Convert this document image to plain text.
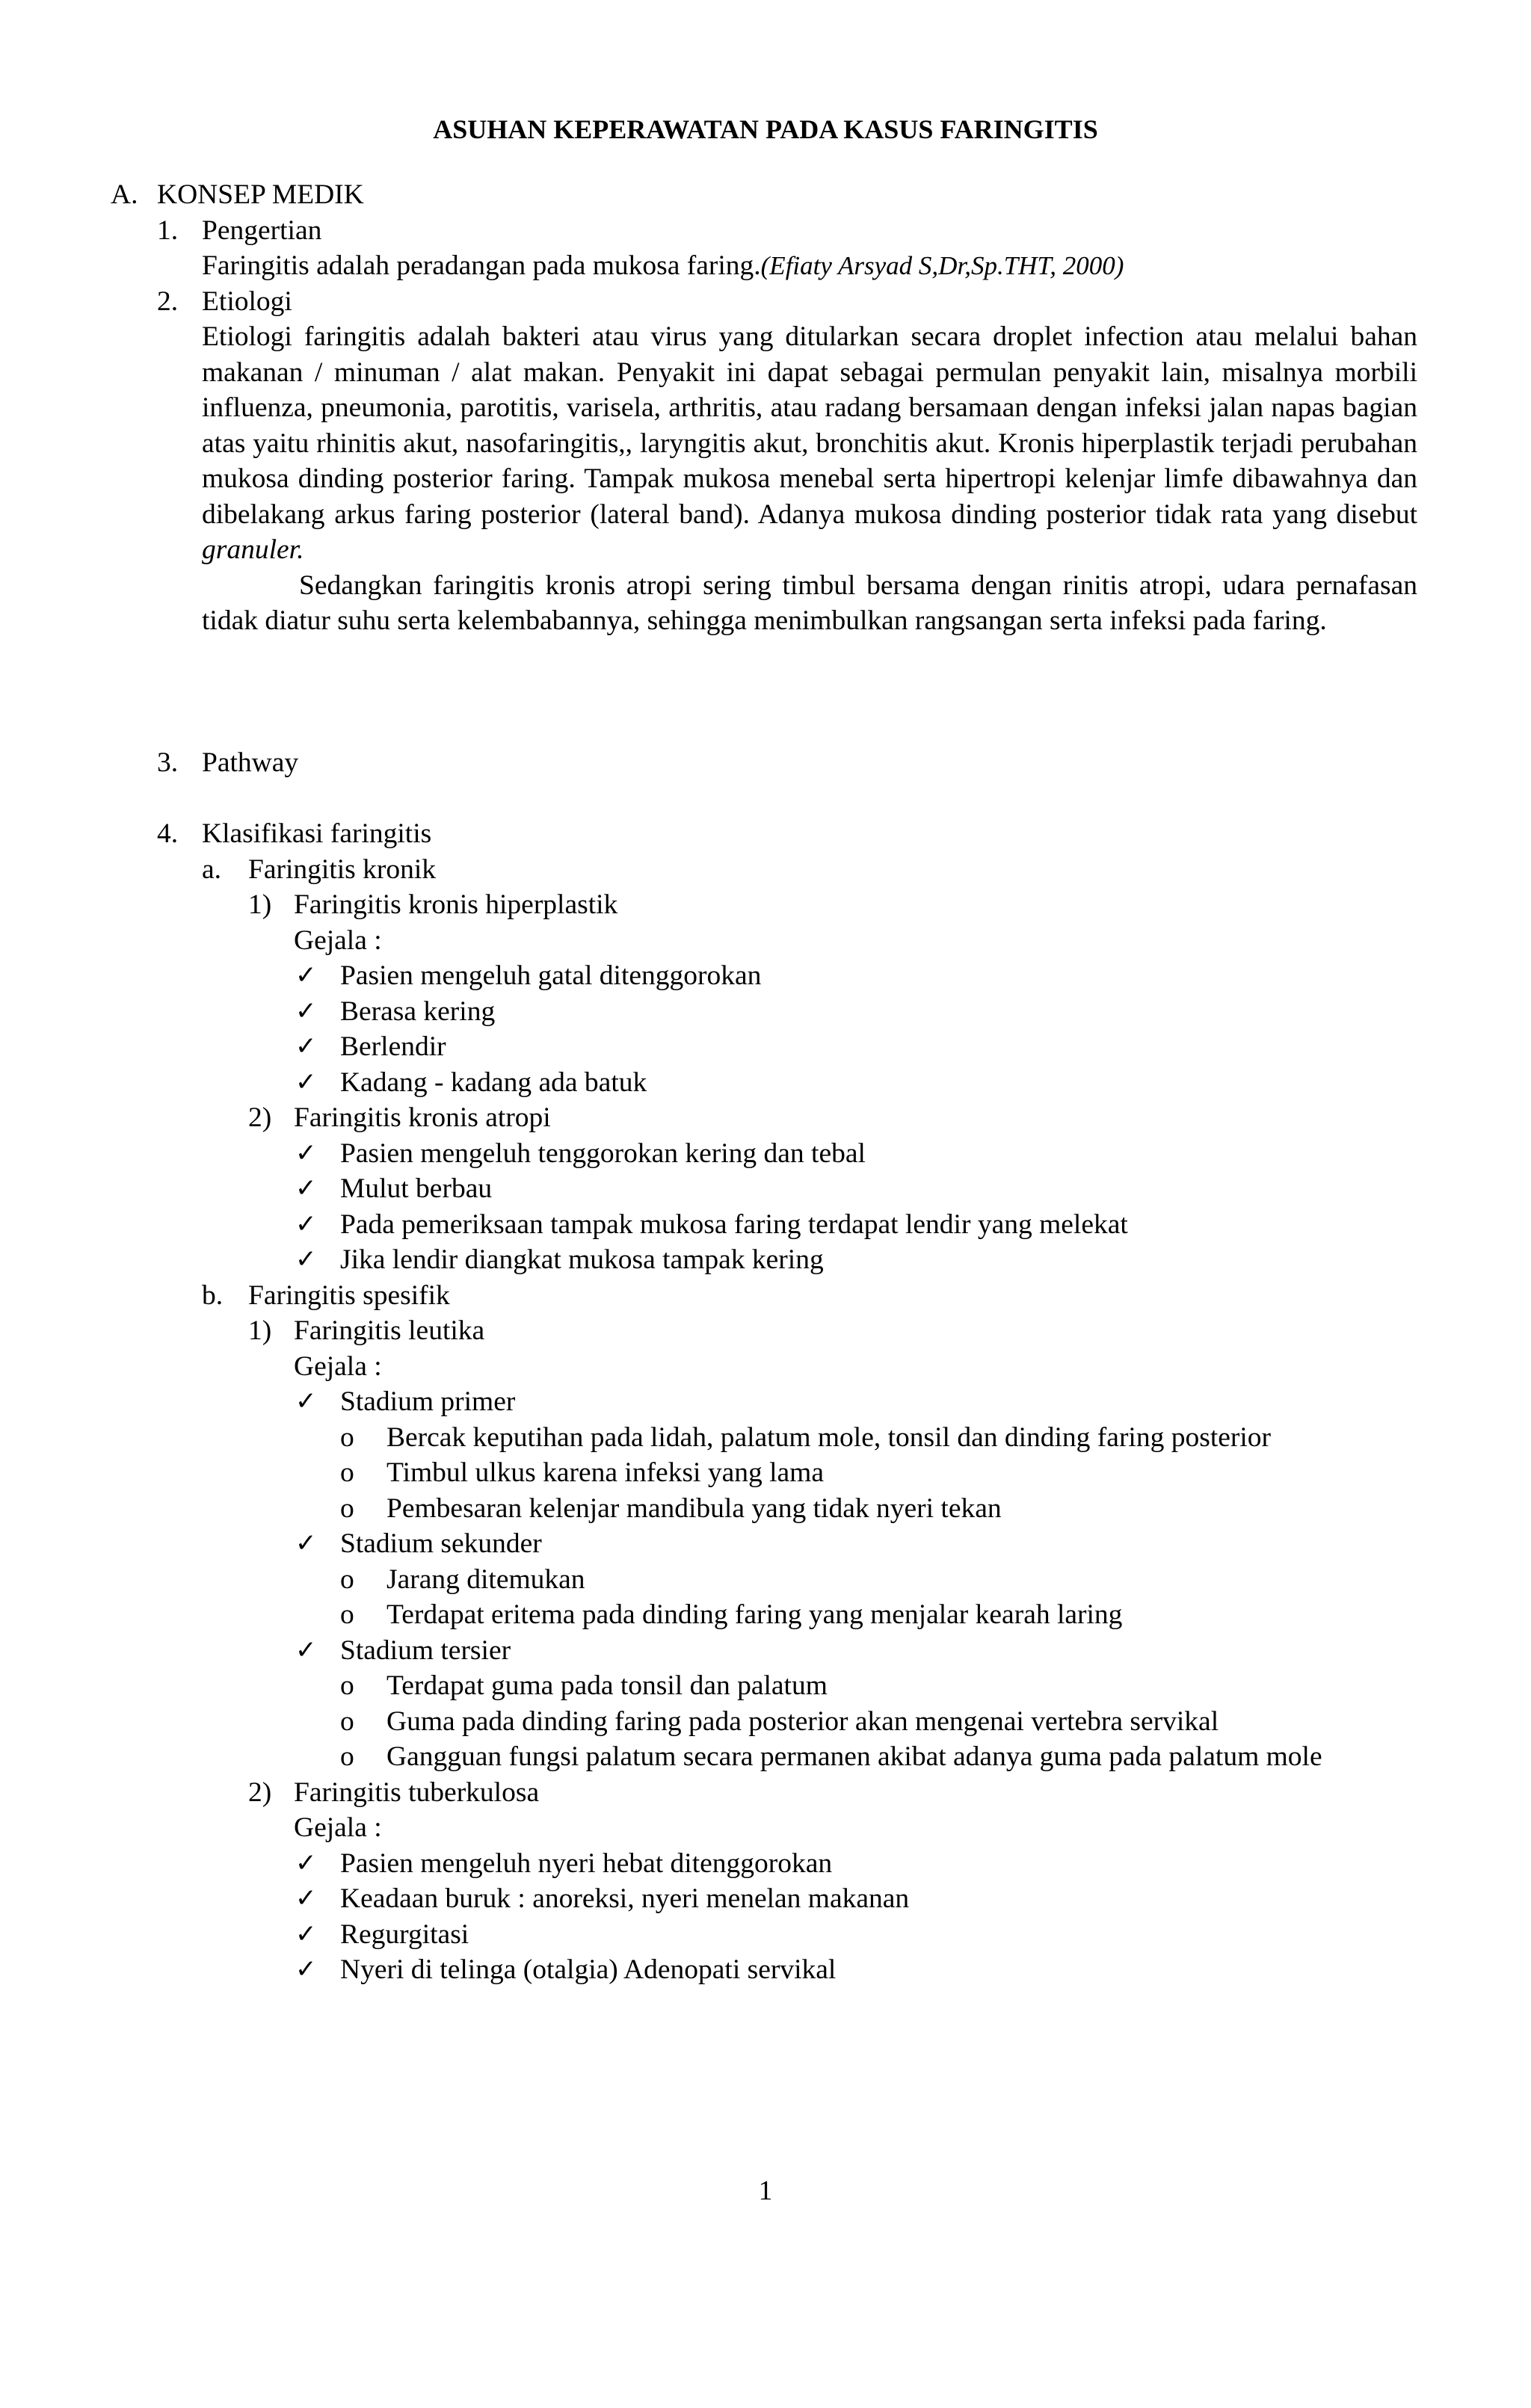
ASUHAN KEPERAWATAN PADA KASUS FARINGITIS
A. KONSEP MEDIK
1. Pengertian
Faringitis adalah peradangan pada mukosa faring.(Efiaty Arsyad S,Dr,Sp.THT, 2000)
2. Etiologi

Etiologi faringitis adalah bakteri atau virus yang ditularkan secara droplet infection atau melalui bahan makanan / minuman / alat makan. Penyakit ini dapat sebagai permulan penyakit lain, misalnya morbili influenza, pneumonia, parotitis, varisela, arthritis, atau radang bersamaan dengan infeksi jalan napas bagian atas yaitu rhinitis akut, nasofaringitis,, laryngitis akut, bronchitis akut. Kronis hiperplastik terjadi perubahan mukosa dinding posterior faring. Tampak mukosa menebal serta hipertropi kelenjar limfe dibawahnya dan dibelakang arkus faring posterior (lateral band). Adanya mukosa dinding posterior tidak rata yang disebut granuler.

Sedangkan faringitis kronis atropi sering timbul bersama dengan rinitis atropi, udara pernafasan tidak diatur suhu serta kelembabannya, sehingga menimbulkan rangsangan serta infeksi pada faring.

3. Pathway
4. Klasifikasi faringitis
a. Faringitis kronik
1) Faringitis kronis hiperplastik
Gejala :
✓ Pasien mengeluh gatal ditenggorokan
✓ Berasa kering
✓ Berlendir
✓ Kadang - kadang ada batuk
2) Faringitis kronis atropi
✓ Pasien mengeluh tenggorokan kering dan tebal
✓ Mulut berbau
✓ Pada pemeriksaan tampak mukosa faring terdapat lendir yang melekat
✓ Jika lendir diangkat mukosa tampak kering
b. Faringitis spesifik
1) Faringitis leutika
Gejala :
✓ Stadium primer
o Bercak keputihan pada lidah, palatum mole, tonsil dan dinding faring posterior
o Timbul ulkus karena infeksi yang lama
o Pembesaran kelenjar mandibula yang tidak nyeri tekan
✓ Stadium sekunder
o Jarang ditemukan
o Terdapat eritema pada dinding faring yang menjalar kearah laring
✓ Stadium tersier
o Terdapat guma pada tonsil dan palatum
o Guma pada dinding faring pada posterior akan mengenai vertebra servikal
o Gangguan fungsi palatum secara permanen akibat adanya guma pada palatum mole
2) Faringitis tuberkulosa
Gejala :
✓ Pasien mengeluh nyeri hebat ditenggorokan
✓ Keadaan buruk : anoreksi, nyeri menelan makanan
✓ Regurgitasi
✓ Nyeri di telinga (otalgia) Adenopati servikal
1
